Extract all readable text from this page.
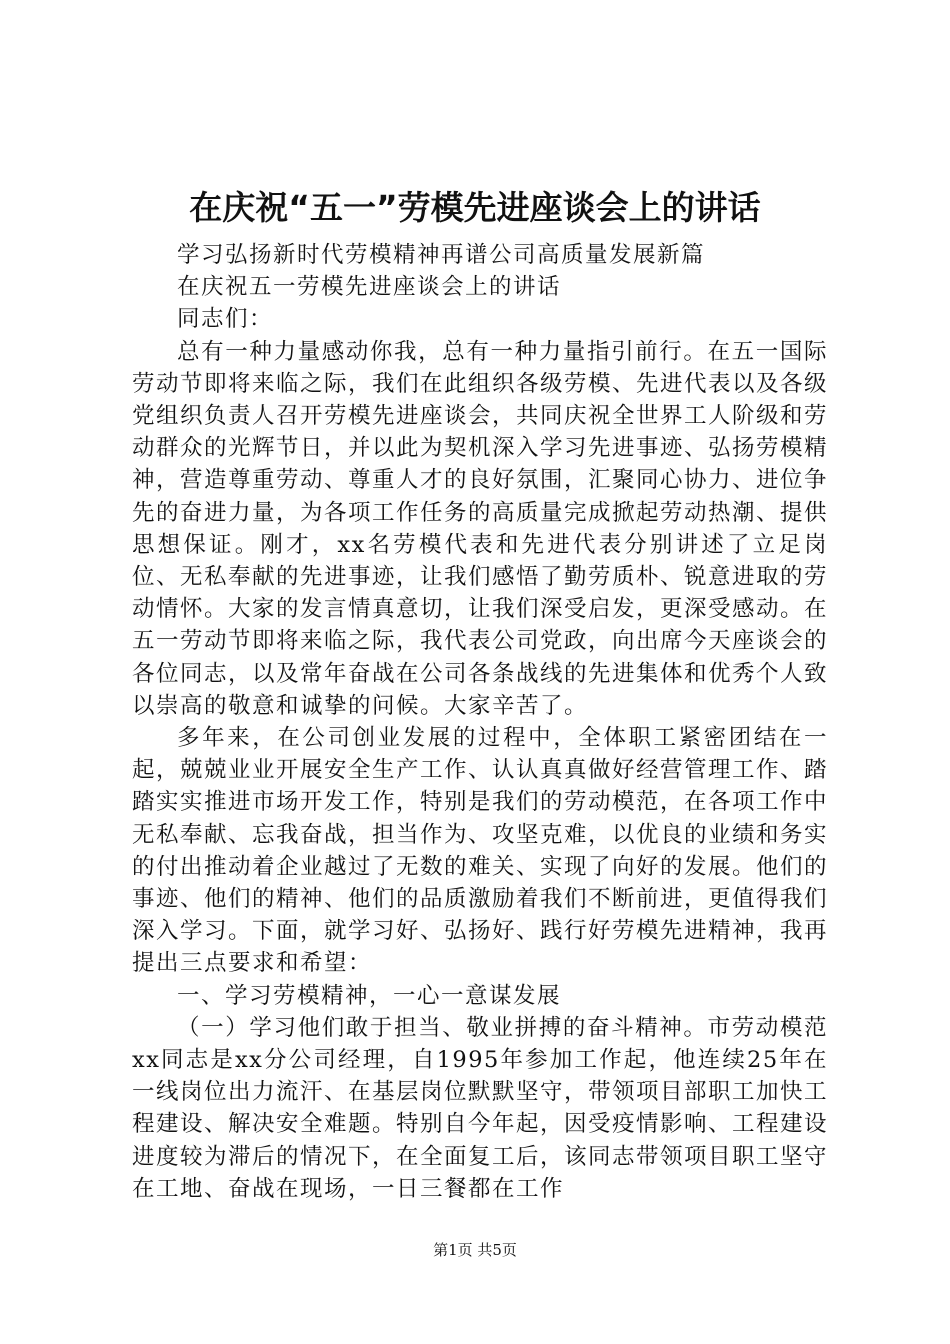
在庆祝“五一”劳模先进座谈会上的讲话

学习弘扬新时代劳模精神再谱公司高质量发展新篇

在庆祝五一劳模先进座谈会上的讲话

同志们：

总有一种力量感动你我，总有一种力量指引前行。在五一国际劳动节即将来临之际，我们在此组织各级劳模、先进代表以及各级党组织负责人召开劳模先进座谈会，共同庆祝全世界工人阶级和劳动群众的光辉节日，并以此为契机深入学习先进事迹、弘扬劳模精神，营造尊重劳动、尊重人才的良好氛围，汇聚同心协力、进位争先的奋进力量，为各项工作任务的高质量完成掀起劳动热潮、提供思想保证。刚才，xx名劳模代表和先进代表分别讲述了立足岗位、无私奉献的先进事迹，让我们感悟了勤劳质朴、锐意进取的劳动情怀。大家的发言情真意切，让我们深受启发，更深受感动。在五一劳动节即将来临之际，我代表公司党政，向出席今天座谈会的各位同志，以及常年奋战在公司各条战线的先进集体和优秀个人致以崇高的敬意和诚挚的问候。大家辛苦了。

多年来，在公司创业发展的过程中，全体职工紧密团结在一起，兢兢业业开展安全生产工作、认认真真做好经营管理工作、踏踏实实推进市场开发工作，特别是我们的劳动模范，在各项工作中无私奉献、忘我奋战，担当作为、攻坚克难，以优良的业绩和务实的付出推动着企业越过了无数的难关、实现了向好的发展。他们的事迹、他们的精神、他们的品质激励着我们不断前进，更值得我们深入学习。下面，就学习好、弘扬好、践行好劳模先进精神，我再提出三点要求和希望：

一、学习劳模精神，一心一意谋发展

（一）学习他们敢于担当、敬业拼搏的奋斗精神。市劳动模范xx同志是xx分公司经理，自1995年参加工作起，他连续25年在一线岗位出力流汗、在基层岗位默默坚守，带领项目部职工加快工程建设、解决安全难题。特别自今年起，因受疫情影响、工程建设进度较为滞后的情况下，在全面复工后，该同志带领项目职工坚守在工地、奋战在现场，一日三餐都在工作

第1页 共5页
